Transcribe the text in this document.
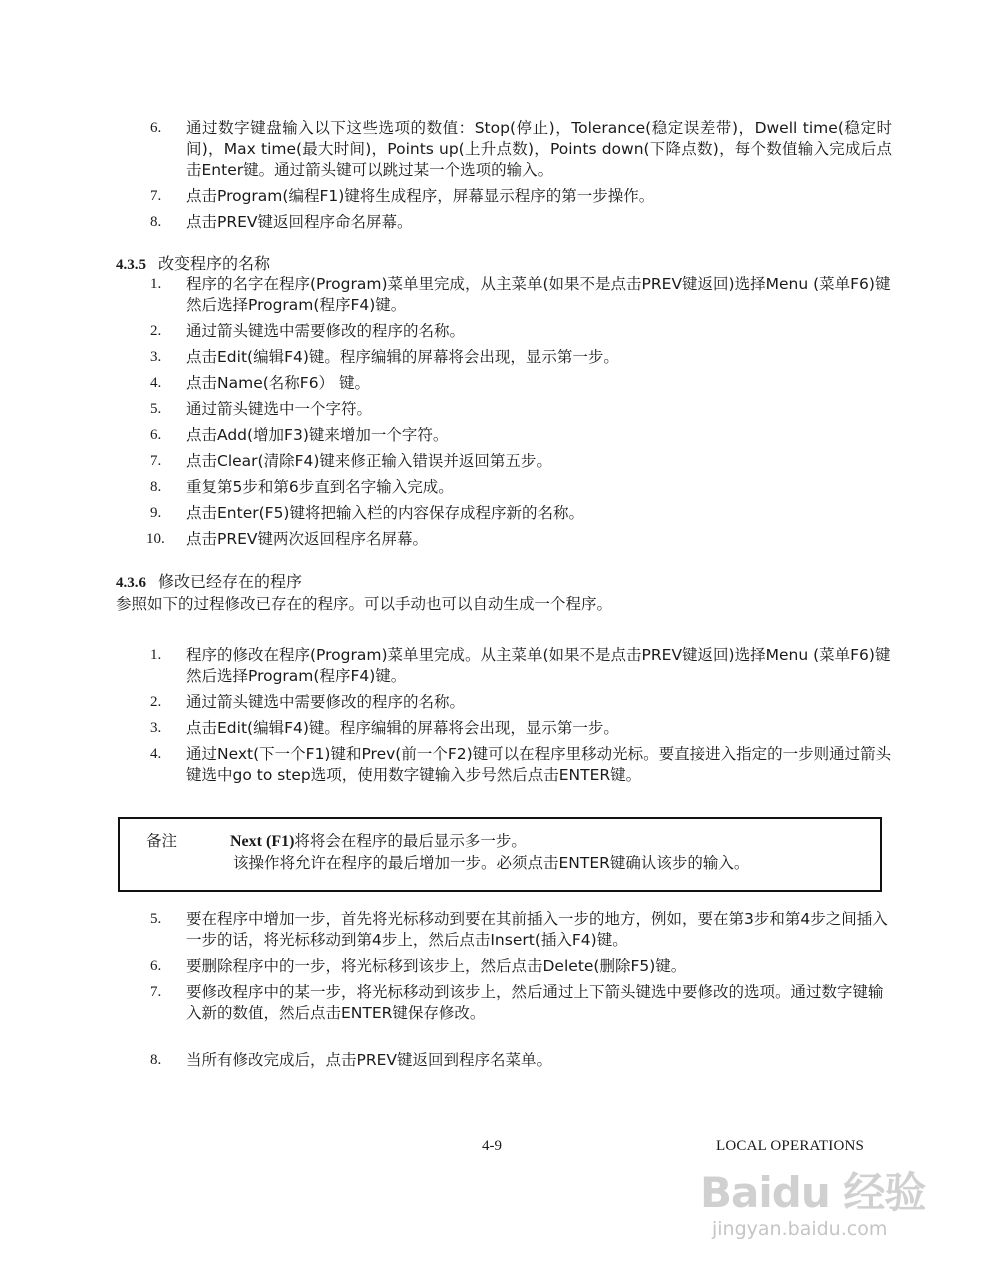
6. 通过数字键盘输入以下这些选项的数值：Stop(停止)，Tolerance(稳定误差带)，Dwell time(稳定时间)，Max time(最大时间)，Points up(上升点数)，Points down(下降点数)，每个数值输入完成后点击Enter键。通过箭头键可以跳过某一个选项的输入。
7. 点击Program(编程F1)键将生成程序，屏幕显示程序的第一步操作。
8. 点击PREV键返回程序命名屏幕。
4.3.5 改变程序的名称
1. 程序的名字在程序(Program)菜单里完成，从主菜单(如果不是点击PREV键返回)选择Menu (菜单F6)键然后选择Program(程序F4)键。
2. 通过箭头键选中需要修改的程序的名称。
3. 点击Edit(编辑F4)键。程序编辑的屏幕将会出现，显示第一步。
4. 点击Name(名称F6） 键。
5. 通过箭头键选中一个字符。
6. 点击Add(增加F3)键来增加一个字符。
7. 点击Clear(清除F4)键来修正输入错误并返回第五步。
8. 重复第5步和第6步直到名字输入完成。
9. 点击Enter(F5)键将把输入栏的内容保存成程序新的名称。
10. 点击PREV键两次返回程序名屏幕。
4.3.6 修改已经存在的程序
参照如下的过程修改已存在的程序。可以手动也可以自动生成一个程序。
1. 程序的修改在程序(Program)菜单里完成。从主菜单(如果不是点击PREV键返回)选择Menu (菜单F6)键然后选择Program(程序F4)键。
2. 通过箭头键选中需要修改的程序的名称。
3. 点击Edit(编辑F4)键。程序编辑的屏幕将会出现，显示第一步。
4. 通过Next(下一个F1)键和Prev(前一个F2)键可以在程序里移动光标。要直接进入指定的一步则通过箭头键选中go to step选项，使用数字键输入步号然后点击ENTER键。
备注	Next (F1)将将会在程序的最后显示多一步。
该操作将允许在程序的最后增加一步。必须点击ENTER键确认该步的输入。
5. 要在程序中增加一步，首先将光标移动到要在其前插入一步的地方，例如，要在第3步和第4步之间插入一步的话，将光标移动到第4步上，然后点击Insert(插入F4)键。
6. 要删除程序中的一步，将光标移到该步上，然后点击Delete(删除F5)键。
7. 要修改程序中的某一步，将光标移动到该步上，然后通过上下箭头键选中要修改的选项。通过数字键输入新的数值，然后点击ENTER键保存修改。
8. 当所有修改完成后，点击PREV键返回到程序名菜单。
4-9	LOCAL OPERATIONS
Baidu 经验
jingyan.baidu.com
